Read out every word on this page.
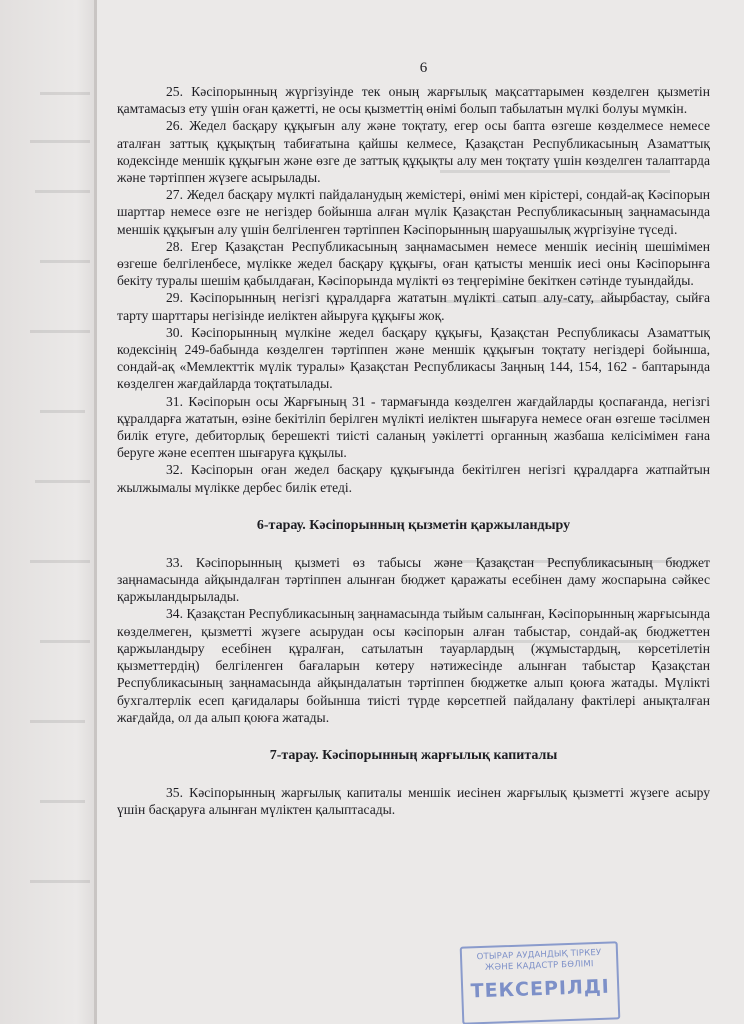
6

25. Кәсіпорынның жүргізуінде тек оның жарғылық мақсаттарымен көзделген қызметін қамтамасыз ету үшін оған қажетті, не осы қызметтің өнімі болып табылатын мүлкі болуы мүмкін.

26. Жедел басқару құқығын алу және тоқтату, егер осы бапта өзгеше көзделмесе немесе аталған заттық құқықтың табиғатына қайшы келмесе, Қазақстан Республикасының Азаматтық кодексінде меншік құқығын және өзге де заттық құқықты алу мен тоқтату үшін көзделген талаптарда және тәртіппен жүзеге асырылады.

27. Жедел басқару мүлкті пайдаланудың жемістері, өнімі мен кірістері, сондай-ақ Кәсіпорын шарттар немесе өзге не негіздер бойынша алған мүлік Қазақстан Республикасының заңнамасында меншік құқығын алу үшін белгіленген тәртіппен Кәсіпорынның шаруашылық жүргізуіне түседі.

28. Егер Қазақстан Республикасының заңнамасымен немесе меншік иесінің шешімімен өзгеше белгіленбесе, мүлікке жедел басқару құқығы, оған қатысты меншік иесі оны Кәсіпорынға бекіту туралы шешім қабылдаған, Кәсіпорында мүлікті өз теңгеріміне бекіткен сәтінде туындайды.

29. Кәсіпорынның негізгі құралдарға жататын мүлікті сатып алу-сату, айырбастау, сыйға тарту шарттары негізінде иеліктен айыруға құқығы жоқ.

30. Кәсіпорынның мүлкіне жедел басқару құқығы, Қазақстан Республикасы Азаматтық кодексінің 249-бабында көзделген тәртіппен және меншік құқығын тоқтату негіздері бойынша, сондай-ақ «Мемлекттік мүлік туралы» Қазақстан Республикасы Заңның 144, 154, 162 - баптарында көзделген жағдайларда тоқтатылады.

31. Кәсіпорын осы Жарғының 31 - тармағында көзделген жағдайларды қоспағанда, негізгі құралдарға жататын, өзіне бекітіліп берілген мүлікті иеліктен шығаруға немесе оған өзгеше тәсілмен билік етуге, дебиторлық берешекті тиісті саланың уәкілетті органның жазбаша келісімімен ғана беруге және есептен шығаруға құқылы.

32. Кәсіпорын оған жедел басқару құқығында бекітілген негізгі құралдарға жатпайтын жылжымалы мүлікке дербес билік етеді.

6-тарау. Кәсіпорынның қызметін қаржыландыру

33. Кәсіпорынның қызметі өз табысы және Қазақстан Республикасының бюджет заңнамасында айқындалған тәртіппен алынған бюджет қаражаты есебінен даму жоспарына сәйкес қаржыландырылады.

34. Қазақстан Республикасының заңнамасында тыйым салынған, Кәсіпорынның жарғысында көзделмеген, қызметті жүзеге асырудан осы кәсіпорын алған табыстар, сондай-ақ бюджеттен қаржыландыру есебінен құралған, сатылатын тауарлардың (жұмыстардың, көрсетілетін қызметтердің) белгіленген бағаларын көтеру нәтижесінде алынған табыстар Қазақстан Республикасының заңнамасында айқындалатын тәртіппен бюджетке алып қоюға жатады. Мүлікті бухгалтерлік есеп қағидалары бойынша тиісті түрде көрсетпей пайдалану фактілері анықталған жағдайда, ол да алып қоюға жатады.

7-тарау. Кәсіпорынның жарғылық капиталы

35. Кәсіпорынның жарғылық капиталы меншік иесінен жарғылық қызметті жүзеге асыру үшін басқаруға алынған мүліктен қалыптасады.

ОТЫРАР АУДАНДЫҚ ТІРКЕУ
ЖӘНЕ КАДАСТР БӨЛІМІ
ТЕКСЕРІЛДІ
